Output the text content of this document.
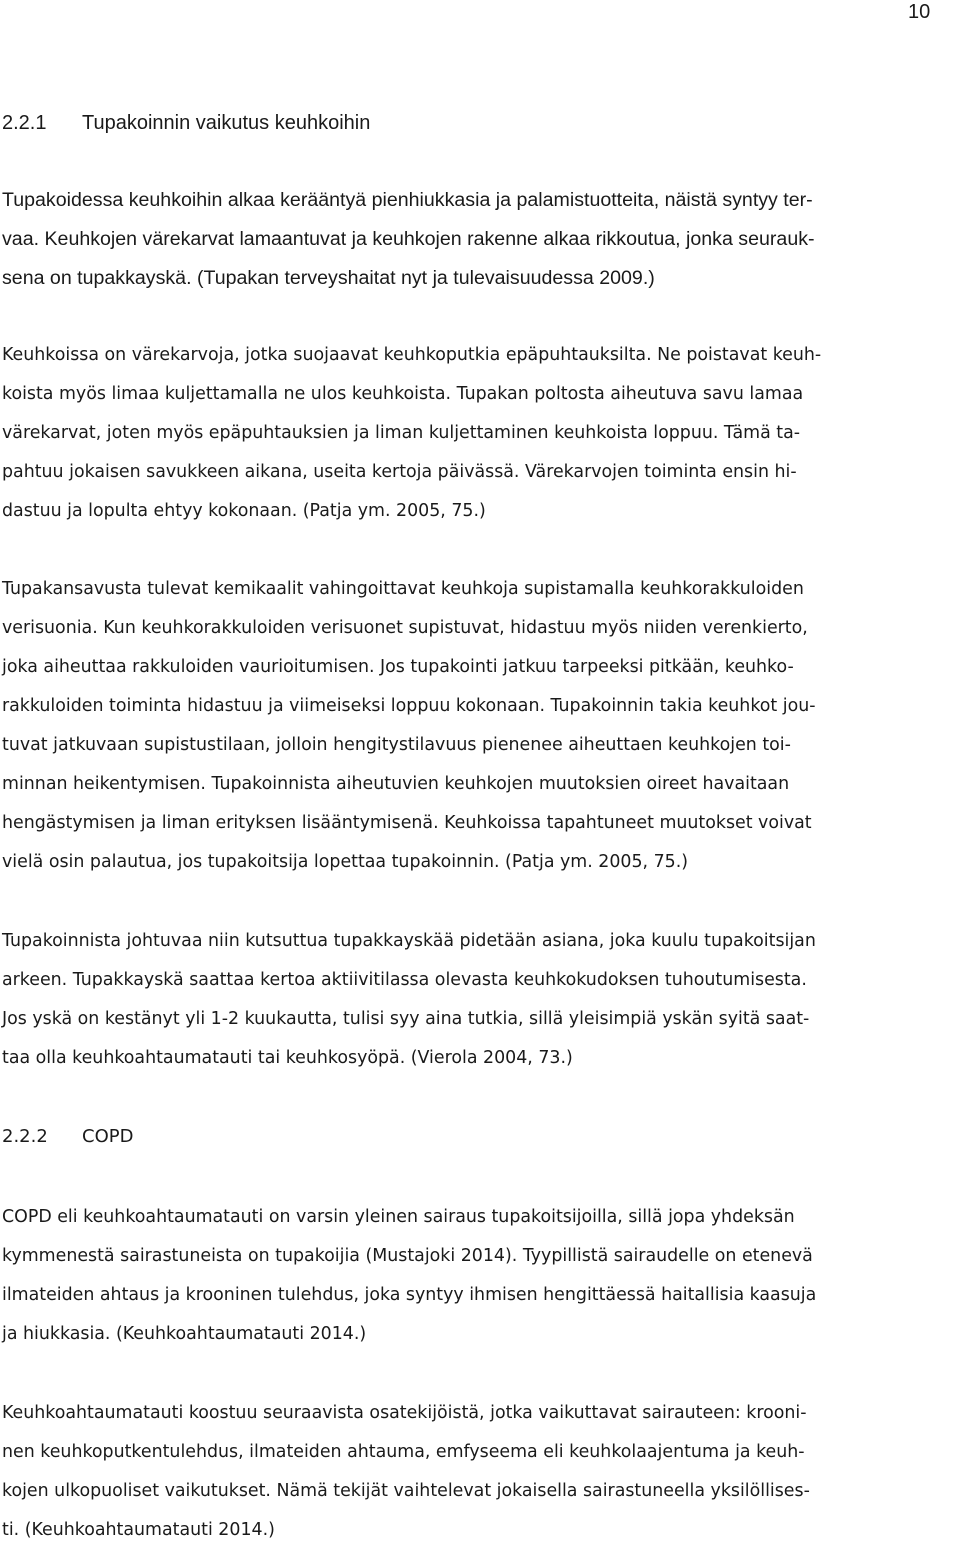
10
2.2.1 Tupakoinnin vaikutus keuhkoihin
Tupakoidessa keuhkoihin alkaa kerääntyä pienhiukkasia ja palamistuotteita, näistä syntyy ter-
vaa. Keuhkojen värekarvat lamaantuvat ja keuhkojen rakenne alkaa rikkoutua, jonka seurauk-
sena on tupakkayskä. (Tupakan terveyshaitat nyt ja tulevaisuudessa 2009.)
Keuhkoissa on värekarvoja, jotka suojaavat keuhkoputkia epäpuhtauksilta. Ne poistavat keuh-
koista myös limaa kuljettamalla ne ulos keuhkoista. Tupakan poltosta aiheutuva savu lamaa
värekarvat, joten myös epäpuhtauksien ja liman kuljettaminen keuhkoista loppuu. Tämä ta-
pahtuu jokaisen savukkeen aikana, useita kertoja päivässä. Värekarvojen toiminta ensin hi-
dastuu ja lopulta ehtyy kokonaan. (Patja ym. 2005, 75.)
Tupakansavusta tulevat kemikaalit vahingoittavat keuhkoja supistamalla keuhkorakkuloiden
verisuonia. Kun keuhkorakkuloiden verisuonet supistuvat, hidastuu myös niiden verenkierto,
joka aiheuttaa rakkuloiden vaurioitumisen. Jos tupakointi jatkuu tarpeeksi pitkään, keuhko-
rakkuloiden toiminta hidastuu ja viimeiseksi loppuu kokonaan. Tupakoinnin takia keuhkot jou-
tuvat jatkuvaan supistustilaan, jolloin hengitystilavuus pienenee aiheuttaen keuhkojen toi-
minnan heikentymisen. Tupakoinnista aiheutuvien keuhkojen muutoksien oireet havaitaan
hengästymisen ja liman erityksen lisääntymisenä. Keuhkoissa tapahtuneet muutokset voivat
vielä osin palautua, jos tupakoitsija lopettaa tupakoinnin. (Patja ym. 2005, 75.)
Tupakoinnista johtuvaa niin kutsuttua tupakkayskää pidetään asiana, joka kuulu tupakoitsijan
arkeen. Tupakkayskä saattaa kertoa aktiivitilassa olevasta keuhkokudoksen tuhoutumisesta.
Jos yskä on kestänyt yli 1-2 kuukautta, tulisi syy aina tutkia, sillä yleisimpiä yskän syitä saat-
taa olla keuhkoahtaumatauti tai keuhkosyöpä. (Vierola 2004, 73.)
2.2.2 COPD
COPD eli keuhkoahtaumatauti on varsin yleinen sairaus tupakoitsijoilla, sillä jopa yhdeksän
kymmenestä sairastuneista on tupakoijia (Mustajoki 2014). Tyypillistä sairaudelle on etenevä
ilmateiden ahtaus ja krooninen tulehdus, joka syntyy ihmisen hengittäessä haitallisia kaasuja
ja hiukkasia. (Keuhkoahtaumatauti 2014.)
Keuhkoahtaumatauti koostuu seuraavista osatekijöistä, jotka vaikuttavat sairauteen: krooni-
nen keuhkoputkentulehdus, ilmateiden ahtauma, emfyseema eli keuhkolaajentuma ja keuh-
kojen ulkopuoliset vaikutukset. Nämä tekijät vaihtelevat jokaisella sairastuneella yksilöllises-
ti. (Keuhkoahtaumatauti 2014.)
